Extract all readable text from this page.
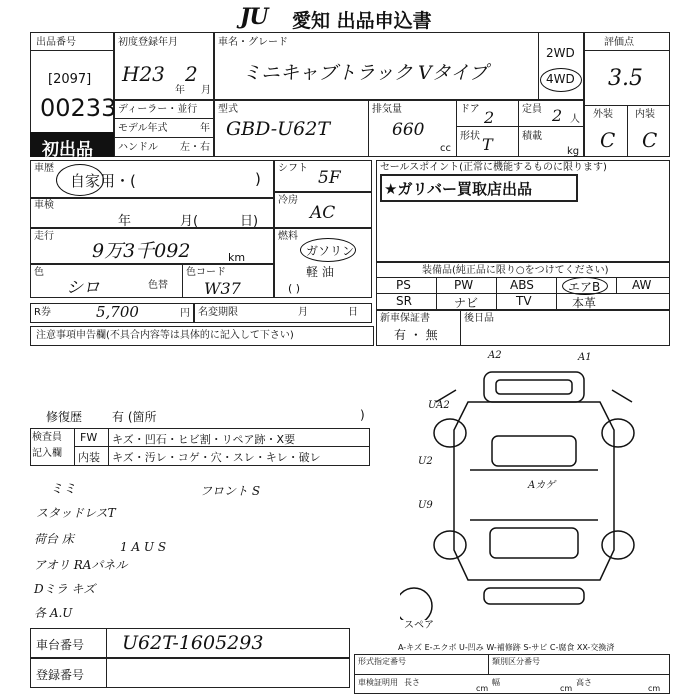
JU 愛知 出品申込書
出品番号
[2097]
00233
初出品
初度登録年月
H23
年
2
月
車名・グレード
ミニキャブトラック Vタイプ
2WD
4WD
評価点
3.5
外装 内装
C C
ディーラー・並行
モデル年式	年
ハンドル 左・右
型式
GBD-U62T
排気量
660
cc
ドア 2
形状 T
定員 2 人
積載
kg
車歴
自家用・(	)
車検
年	月(	日)
走行
9万3千092	km
色
シロ	色替
色コード
W37
シフト 5F
冷房
AC
燃料
ガソリン
軽 油
( )
R券	5,700	円 名変期限	月	日
セールスポイント(正常に機能するものに限ります)
★ガリバー買取店出品
装備品(純正品に限り○をつけてください)
PS	PW	ABS	エアB	AW
SR	ナビ	TV	本革
新車保証書
有 ・ 無
後日品
注意事項申告欄(不具合内容等は具体的に記入して下さい)
修復歴 有 (箇所	)
検査員
記入欄
FW キズ・凹石・ヒビ割・リペア跡・X要
内装 キズ・汚レ・コゲ・穴・スレ・キレ・破レ
ミミ
スタッドレスT
荷台 床
アオリ RAパネル
Dミラ キズ
各 A.U
フロント S
1 A U S
A2	A1
UA2
U2
U9
Aカゲ
スペア
A-キズ E-エクボ U-凹み W-補修跡 S-サビ C-腐食 XX-交換済
車台番号 U62T-1605293
登録番号
形式指定番号	類別区分番号
車検証明用 長さ
cm
幅
cm
高さ
cm
